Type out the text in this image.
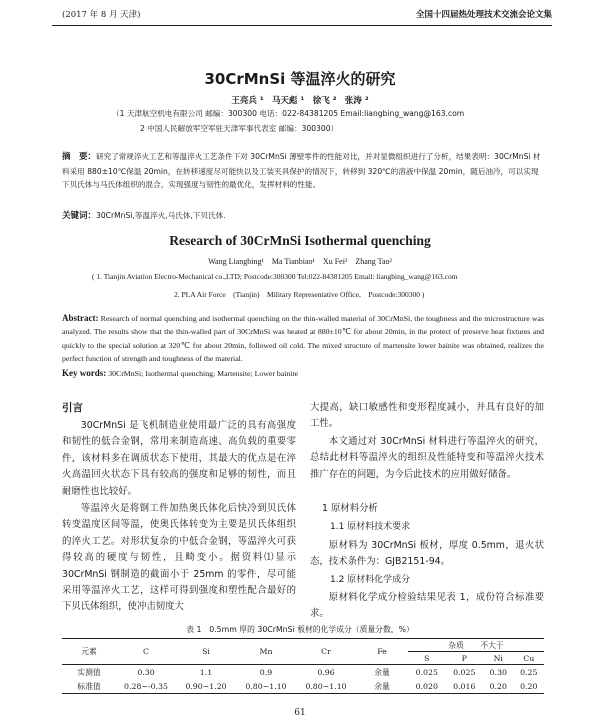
(2017 年 8 月 天津)	全国十四届热处理技术交流会论文集
30CrMnSi 等温淬火的研究
王亮兵 ¹　马天彪 ¹　徐飞 ²　张涛 ²
（1 天津航空机电有限公司 邮编：300300 电话：022-84381205 Email:liangbing_wang@163.com
2 中国人民解放军空军驻天津军事代表室 邮编：300300）
摘　要：研究了常规淬火工艺和等温淬火工艺条件下对 30CrMnSi 薄壁零件的性能对比，并对显微组织进行了分析，结果表明：30CrMnSi 材料采用 880±10℃保温 20min，在转移速度尽可能快以及工装夹具保护的情况下，转移到 320℃的溶液中保温 20min，随后油冷，可以实现下贝氏体与马氏体组织的混合，实现强度与韧性的最优化，发挥材料的性能。
关键词：30CrMnSi,等温淬火,马氏体,下贝氏体.
Research of 30CrMnSi Isothermal quenching
Wang Liangbing¹　Ma Tianbiao¹　Xu Fei²　Zhang Tao²
( 1. Tianjin Aviation Electro-Mechanical co.,LTD; Postcode:300300 Tel:022-84381205 Email: liangbing_wang@163.com
2. PLA Air Force　(Tianjin)　Military Representative Office,　Postcode:300300 )
Abstract: Research of normal quenching and isothermal quenching on the thin-walled material of 30CrMnSi, the toughness and the microstructure was analyzed. The results show that the thin-walled part of 30CrMnSi was heated at 880±10℃ for about 20min, in the protect of preserve heat fixtures and quickly to the special solution at 320℃ for about 20min, followed oil cold. The mixed structure of martensite lower bainite was obtained, realizes the perfect function of strength and toughness of the material.
Key words: 30CrMnSi; Isothermal quenching; Martensite; Lower bainite
引言
30CrMnSi 是飞机制造业使用最广泛的具有高强度和韧性的低合金钢，常用来制造高速、高负载的重要零件，该材料多在调质状态下使用，其最大的优点是在淬火高温回火状态下具有较高的强度和足够的韧性，而且耐磨性也比较好。
等温淬火是将钢工件加热奥氏体化后快冷到贝氏体转变温度区间等温，使奥氏体转变为主要是贝氏体组织的淬火工艺。对形状复杂的中低合金钢，等温淬火可获得较高的硬度与韧性，且畸变小。据资料⑴显示 30CrMnSi 钢制造的截面小于 25mm 的零件，尽可能采用等温淬火工艺，这样可得到强度和塑性配合最好的下贝氏体组织，使冲击韧度大
大提高，缺口敏感性和变形程度减小，并具有良好的加工性。
本文通过对 30CrMnSi 材料进行等温淬火的研究，总结此材料等温淬火的组织及性能特变和等温淬火技术推广存在的问题，为今后此技术的应用做好储备。
1 原材料分析
1.1 原材料技术要求
原材料为 30CrMnSi 板材，厚度 0.5mm，退火状态，技术条件为：GJB2151-94。
1.2 原材料化学成分
原材料化学成分检验结果见表 1，成份符合标准要求。
表 1　0.5mm 厚的 30CrMnSi 板材的化学成分（质量分数，%）
元素	C	Si	Mn	Cr	Fe	杂质 不大于			
						S	P	Ni	Cu
实测值	0.30	1.1	0.9	0.96	余量	0.025	0.025	0.30	0.25
标准值	0.28~-0.35	0.90~1.20	0.80~1.10	0.80~1.10	余量	0.020	0.016	0.20	0.20
61
